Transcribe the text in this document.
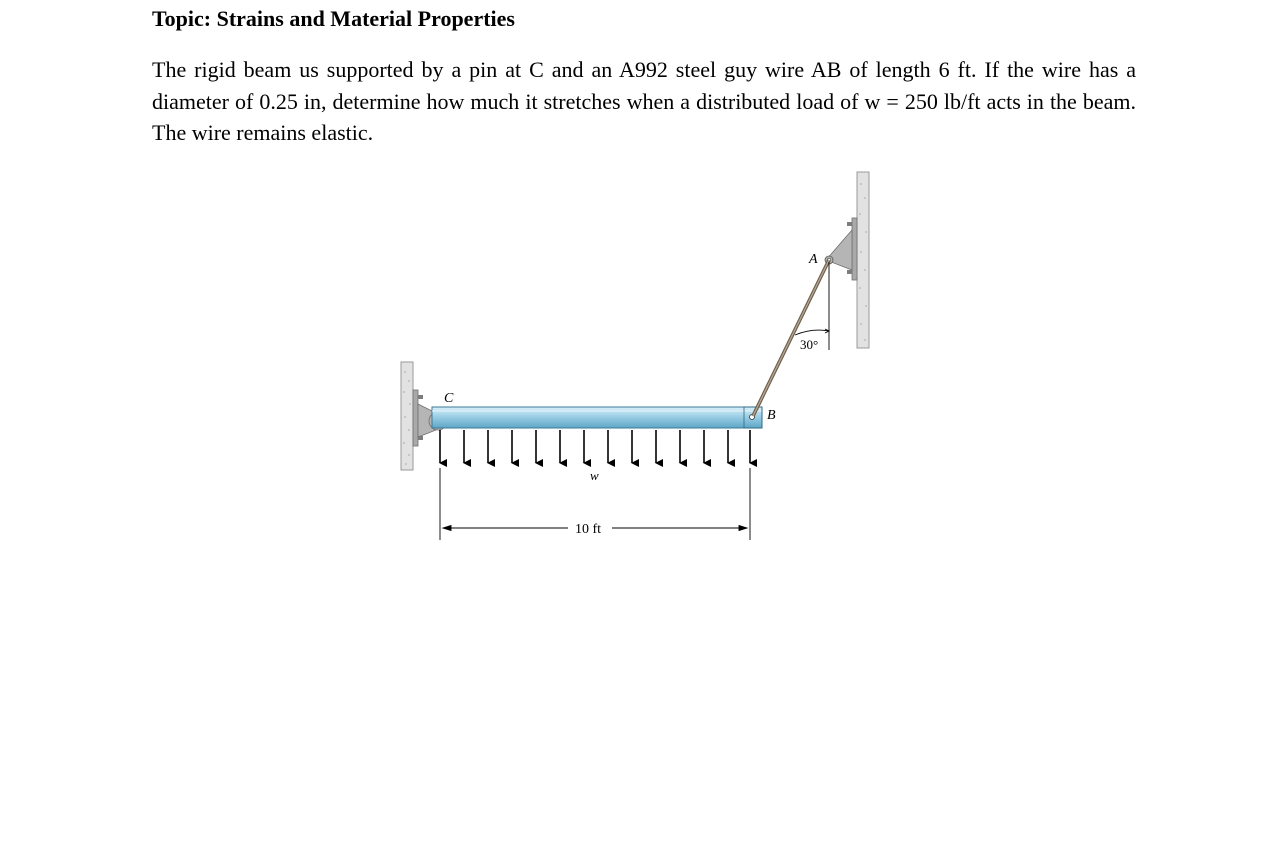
Topic: Strains and Material Properties
The rigid beam us supported by a pin at C and an A992 steel guy wire AB of length 6 ft. If the wire has a diameter of 0.25 in, determine how much it stretches when a distributed load of w = 250 lb/ft acts in the beam. The wire remains elastic.
C
B
A
w
30°
10 ft
